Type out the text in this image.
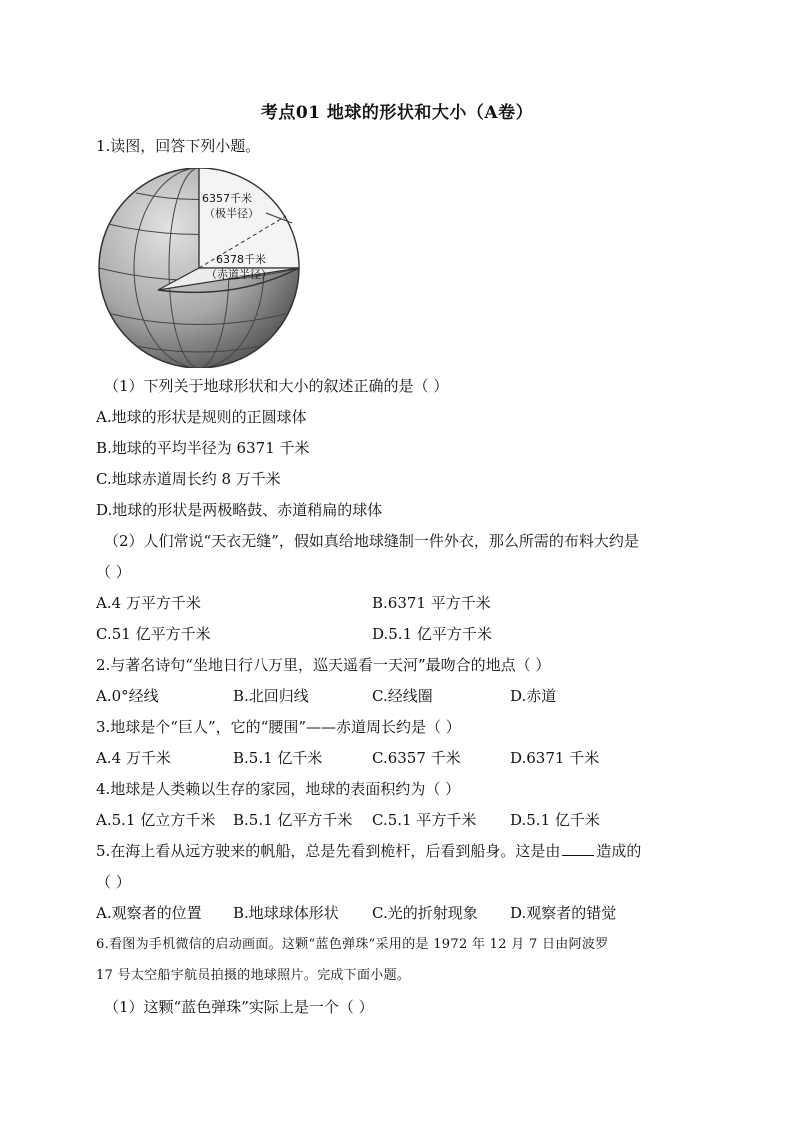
考点01 地球的形状和大小（A卷）
1.读图，回答下列小题。
6357千米
（极半径）
6378千米
（赤道半径）
（1）下列关于地球形状和大小的叙述正确的是（ ）
A.地球的形状是规则的正圆球体
B.地球的平均半径为 6371 千米
C.地球赤道周长约 8 万千米
D.地球的形状是两极略鼓、赤道稍扁的球体
（2）人们常说“天衣无缝”，假如真给地球缝制一件外衣，那么所需的布料大约是
（ ）
A.4 万平方千米	B.6371 平方千米
C.51 亿平方千米	D.5.1 亿平方千米
2.与著名诗句“坐地日行八万里，巡天遥看一天河”最吻合的地点（ ）
A.0°经线	B.北回归线	C.经线圈	D.赤道
3.地球是个“巨人”，它的“腰围”——赤道周长约是（ ）
A.4 万千米	B.5.1 亿千米	C.6357 千米	D.6371 千米
4.地球是人类赖以生存的家园，地球的表面积约为（ ）
A.5.1 亿立方千米 B.5.1 亿平方千米 C.5.1 平方千米 D.5.1 亿千米
5.在海上看从远方驶来的帆船，总是先看到桅杆，后看到船身。这是由 造成的
（ ）
A.观察者的位置 B.地球球体形状 C.光的折射现象 D.观察者的错觉
6.看图为手机微信的启动画面。这颗“蓝色弹珠”采用的是 1972 年 12 月 7 日由阿波罗
17 号太空船宇航员拍摄的地球照片。完成下面小题。
（1）这颗“蓝色弹珠”实际上是一个（ ）
